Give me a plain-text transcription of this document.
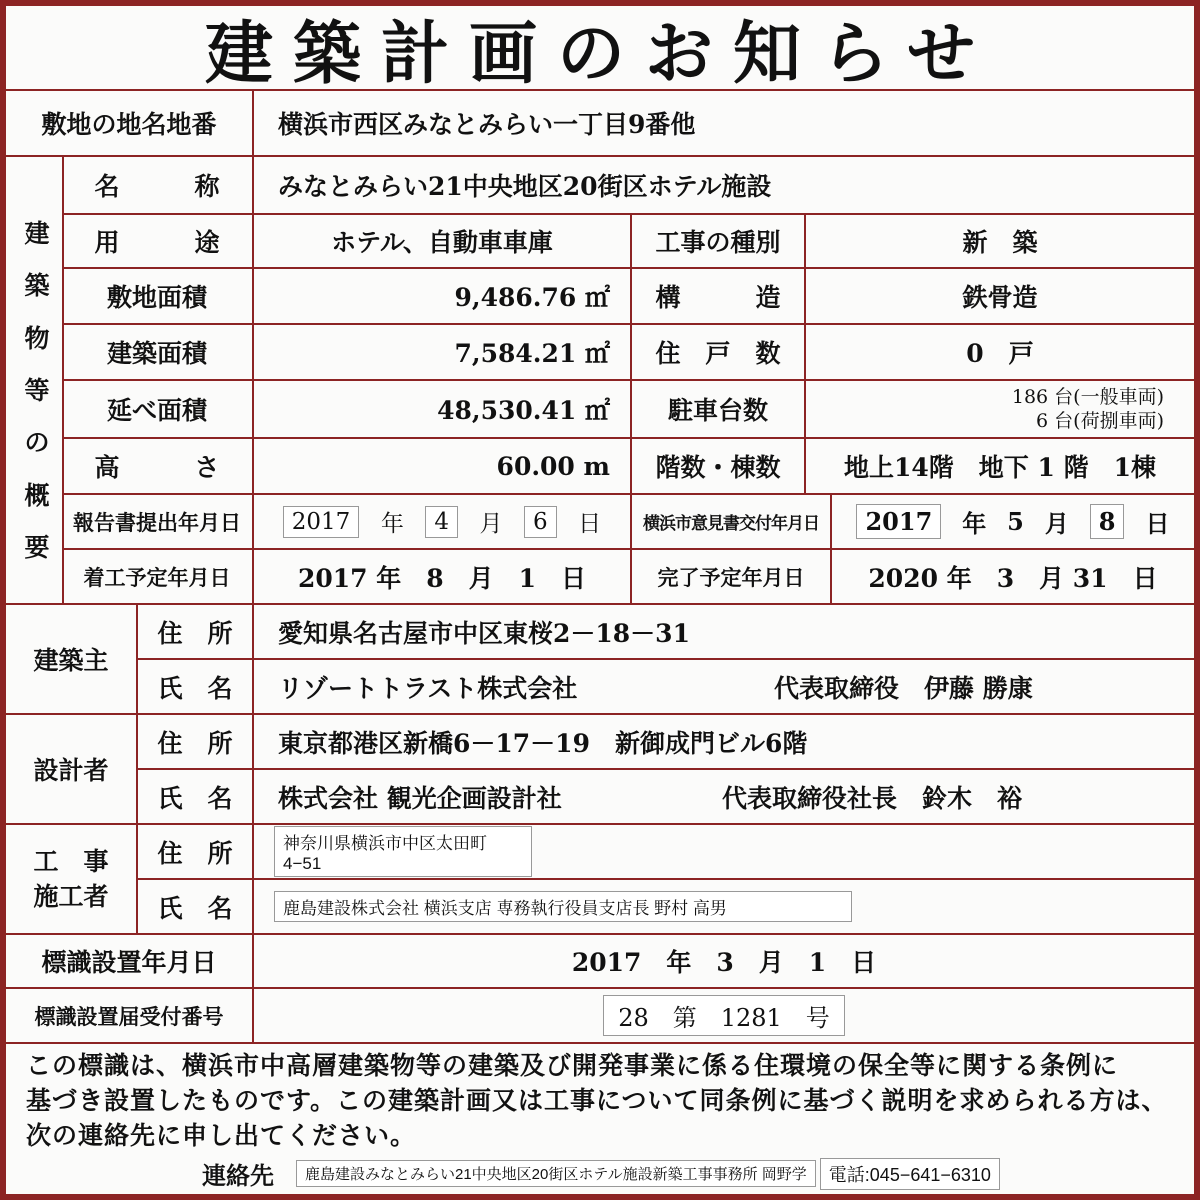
建築計画のお知らせ
敷地の地名地番	横浜市西区みなとみらい一丁目9番他
建
築
物
等
の
概
要
名　　　称	みなとみらい21中央地区20街区ホテル施設
用　　　途	ホテル、自動車車庫	工事の種別	新　築
敷地面積	9,486.76 ㎡	構　　　造	鉄骨造
建築面積	7,584.21 ㎡	住　戸　数	0　戸
延べ面積	48,530.41 ㎡	駐車台数	186 台(一般車両)
6 台(荷捌車両)
高　　　さ	60.00 m	階数・棟数	地上14階　地下 1 階　1棟
報告書提出年月日	2017	年	4	月	6	日	横浜市意見書交付年月日	2017	年 5 月	8	日
着工予定年月日	2017 年　8　月　1　日	完了予定年月日	2020 年　3　月 31　日
建築主
住　所	愛知県名古屋市中区東桜2－18－31
氏　名	リゾートトラスト株式会社	代表取締役　伊藤 勝康
設計者
住　所	東京都港区新橋6－17－19　新御成門ビル6階
氏　名	株式会社 観光企画設計社	代表取締役社長　鈴木　裕
工　事
施工者
住　所	神奈川県横浜市中区太田町4−51
氏　名	鹿島建設株式会社 横浜支店 専務執行役員支店長 野村 高男
標識設置年月日	2017　年　3　月　1　日
標識設置届受付番号	28　第　1281　号
この標識は、横浜市中高層建築物等の建築及び開発事業に係る住環境の保全等に関する条例に
基づき設置したものです。この建築計画又は工事について同条例に基づく説明を求められる方は、
次の連絡先に申し出てください。
連絡先	鹿島建設みなとみらい21中央地区20街区ホテル施設新築工事事務所 岡野学	電話:045−641−6310
